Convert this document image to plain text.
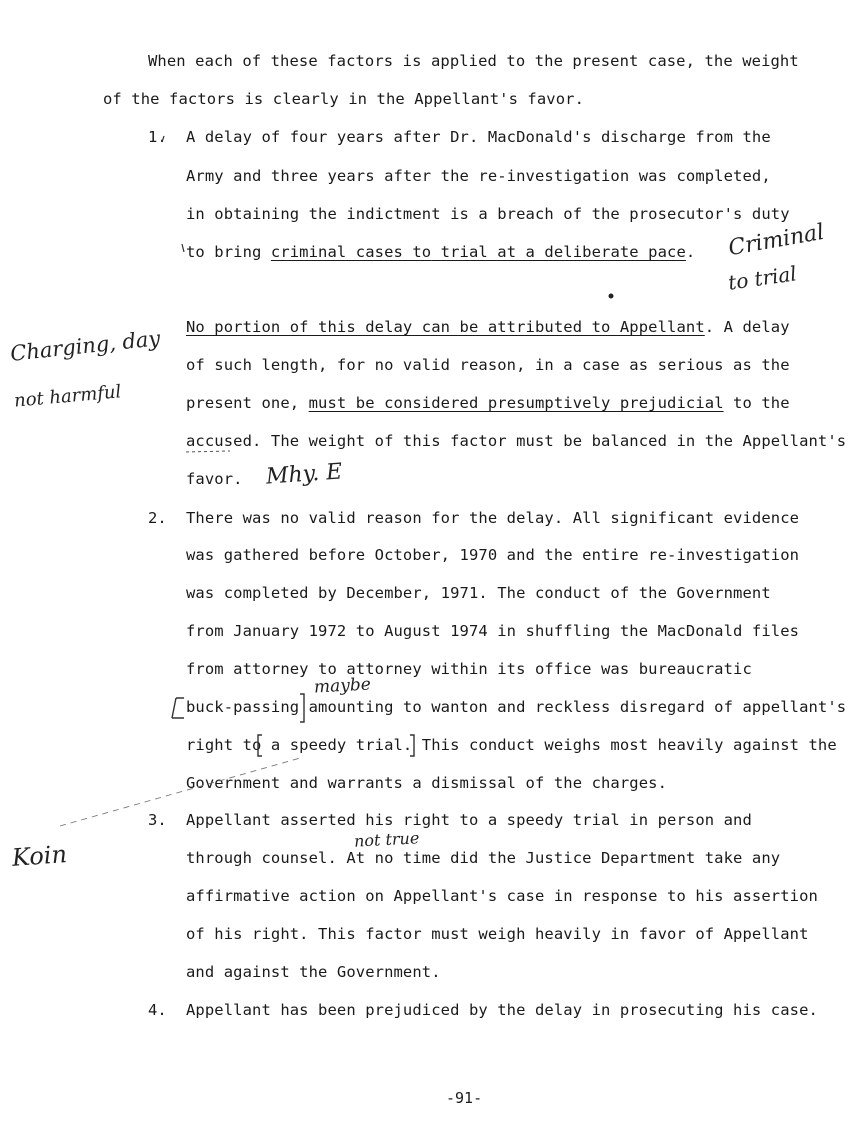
When each of these factors is applied to the present case, the weight
of the factors is clearly in the Appellant's favor.
1. A delay of four years after Dr. MacDonald's discharge from the
Army and three years after the re-investigation was completed,
in obtaining the indictment is a breach of the prosecutor's duty
to bring criminal cases to trial at a deliberate pace.
No portion of this delay can be attributed to Appellant. A delay
of such length, for no valid reason, in a case as serious as the
present one, must be considered presumptively prejudicial to the
accused. The weight of this factor must be balanced in the Appellant's
favor.
2. There was no valid reason for the delay. All significant evidence
was gathered before October, 1970 and the entire re-investigation
was completed by December, 1971. The conduct of the Government
from January 1972 to August 1974 in shuffling the MacDonald files
from attorney to attorney within its office was bureaucratic
buck-passing amounting to wanton and reckless disregard of appellant's
right to a speedy trial. This conduct weighs most heavily against the
Government and warrants a dismissal of the charges.
3. Appellant asserted his right to a speedy trial in person and
through counsel. At no time did the Justice Department take any
affirmative action on Appellant's case in response to his assertion
of his right. This factor must weigh heavily in favor of Appellant
and against the Government.
4. Appellant has been prejudiced by the delay in prosecuting his case.
-91-
Criminal
to trial
Charging, day
not harmful
Mhy. E
maybe
Koin
not true
